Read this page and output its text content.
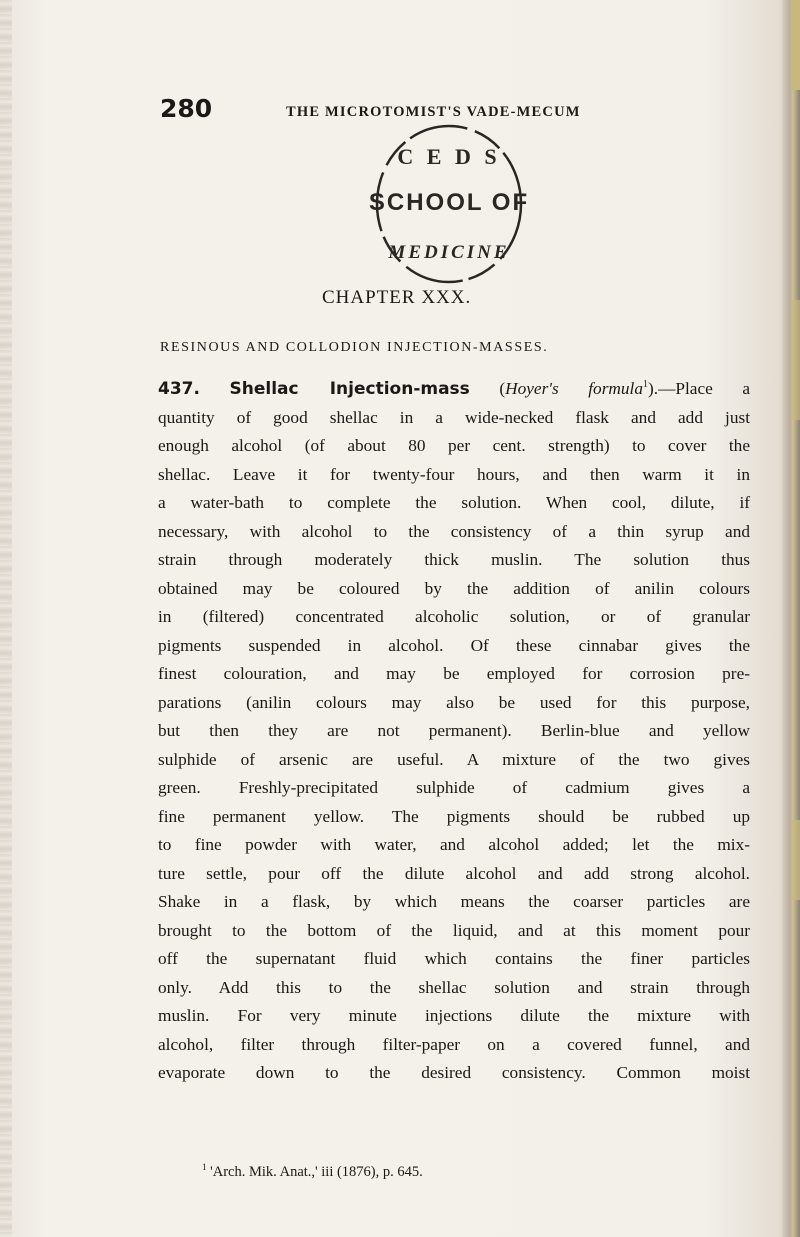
280	THE MICROTOMIST'S VADE-MECUM
C E D S
SCHOOL OF
MEDICINE
CHAPTER XXX.
RESINOUS AND COLLODION INJECTION-MASSES.
437. Shellac Injection-mass (Hoyer's formula$^1$).—Place a
quantity of good shellac in a wide-necked flask and add just
enough alcohol (of about 80 per cent. strength) to cover the
shellac. Leave it for twenty-four hours, and then warm it in
a water-bath to complete the solution. When cool, dilute, if
necessary, with alcohol to the consistency of a thin syrup and
strain through moderately thick muslin. The solution thus
obtained may be coloured by the addition of anilin colours
in (filtered) concentrated alcoholic solution, or of granular
pigments suspended in alcohol. Of these cinnabar gives the
finest colouration, and may be employed for corrosion pre-
parations (anilin colours may also be used for this purpose,
but then they are not permanent). Berlin-blue and yellow
sulphide of arsenic are useful. A mixture of the two gives
green. Freshly-precipitated sulphide of cadmium gives a
fine permanent yellow. The pigments should be rubbed up
to fine powder with water, and alcohol added; let the mix-
ture settle, pour off the dilute alcohol and add strong alcohol.
Shake in a flask, by which means the coarser particles are
brought to the bottom of the liquid, and at this moment pour
off the supernatant fluid which contains the finer particles
only. Add this to the shellac solution and strain through
muslin. For very minute injections dilute the mixture with
alcohol, filter through filter-paper on a covered funnel, and
evaporate down to the desired consistency. Common moist
$^1$ 'Arch. Mik. Anat.,' iii (1876), p. 645.
